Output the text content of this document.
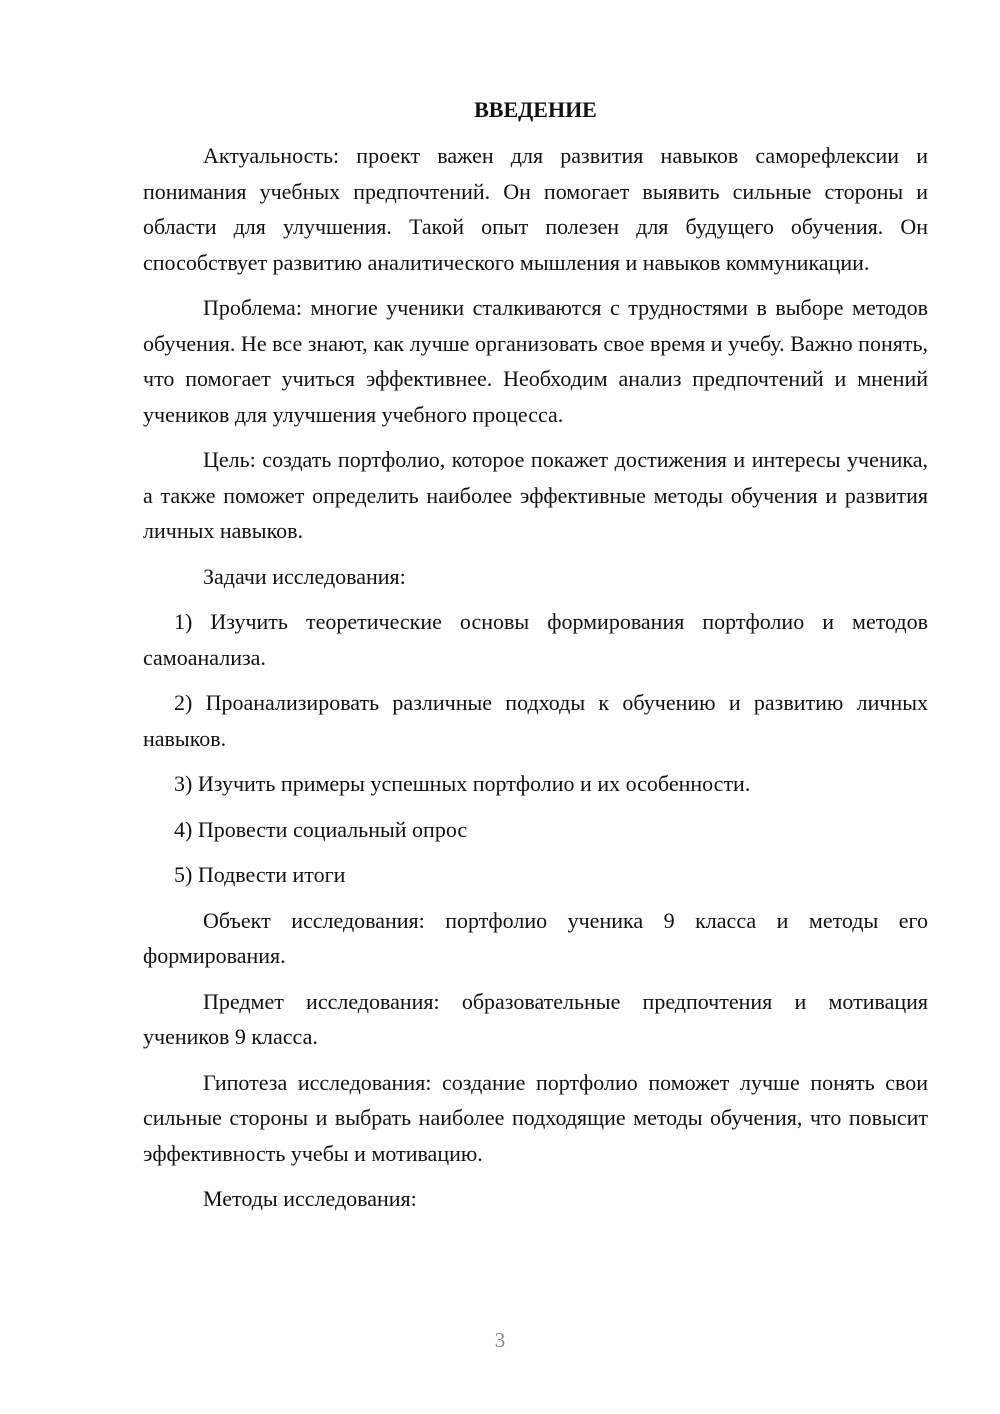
ВВЕДЕНИЕ

Актуальность: проект важен для развития навыков саморефлексии и понимания учебных предпочтений. Он помогает выявить сильные стороны и области для улучшения. Такой опыт полезен для будущего обучения. Он способствует развитию аналитического мышления и навыков коммуникации.

Проблема: многие ученики сталкиваются с трудностями в выборе методов обучения. Не все знают, как лучше организовать свое время и учебу. Важно понять, что помогает учиться эффективнее. Необходим анализ предпочтений и мнений учеников для улучшения учебного процесса.

Цель: создать портфолио, которое покажет достижения и интересы ученика, а также поможет определить наиболее эффективные методы обучения и развития личных навыков.

Задачи исследования:

1) Изучить теоретические основы формирования портфолио и методов самоанализа.

2) Проанализировать различные подходы к обучению и развитию личных навыков.

3) Изучить примеры успешных портфолио и их особенности.

4) Провести социальный опрос

5) Подвести итоги

Объект исследования: портфолио ученика 9 класса и методы его формирования.

Предмет исследования: образовательные предпочтения и мотивация учеников 9 класса.

Гипотеза исследования: создание портфолио поможет лучше понять свои сильные стороны и выбрать наиболее подходящие методы обучения, что повысит эффективность учебы и мотивацию.

Методы исследования:

3
